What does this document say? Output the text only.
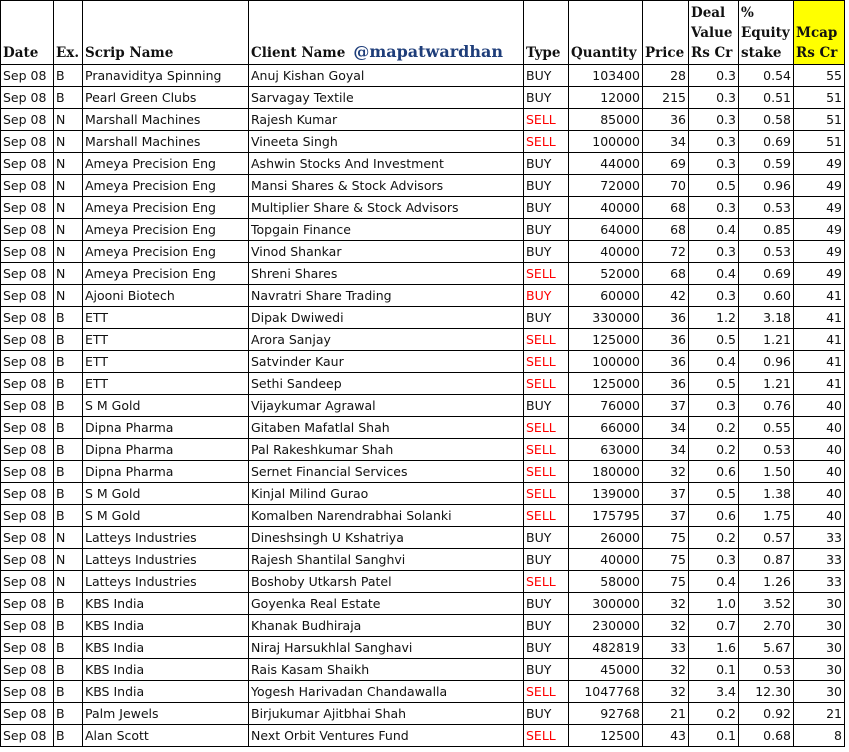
Date	Ex.	Scrip Name	Client Name @mapatwardhan	Type	Quantity	Price	Deal Value Rs Cr	% Equity stake	Mcap Rs Cr
Sep 08	B	Pranaviditya Spinning	Anuj Kishan Goyal	BUY	103400	28	0.3	0.54	55
Sep 08	B	Pearl Green Clubs	Sarvagay Textile	BUY	12000	215	0.3	0.51	51
Sep 08	N	Marshall Machines	Rajesh Kumar	SELL	85000	36	0.3	0.58	51
Sep 08	N	Marshall Machines	Vineeta Singh	SELL	100000	34	0.3	0.69	51
Sep 08	N	Ameya Precision Eng	Ashwin Stocks And Investment	BUY	44000	69	0.3	0.59	49
Sep 08	N	Ameya Precision Eng	Mansi Shares & Stock Advisors	BUY	72000	70	0.5	0.96	49
Sep 08	N	Ameya Precision Eng	Multiplier Share & Stock Advisors	BUY	40000	68	0.3	0.53	49
Sep 08	N	Ameya Precision Eng	Topgain Finance	BUY	64000	68	0.4	0.85	49
Sep 08	N	Ameya Precision Eng	Vinod Shankar	BUY	40000	72	0.3	0.53	49
Sep 08	N	Ameya Precision Eng	Shreni Shares	SELL	52000	68	0.4	0.69	49
Sep 08	N	Ajooni Biotech	Navratri Share Trading	BUY	60000	42	0.3	0.60	41
Sep 08	B	ETT	Dipak Dwiwedi	BUY	330000	36	1.2	3.18	41
Sep 08	B	ETT	Arora Sanjay	SELL	125000	36	0.5	1.21	41
Sep 08	B	ETT	Satvinder Kaur	SELL	100000	36	0.4	0.96	41
Sep 08	B	ETT	Sethi Sandeep	SELL	125000	36	0.5	1.21	41
Sep 08	B	S M Gold	Vijaykumar Agrawal	BUY	76000	37	0.3	0.76	40
Sep 08	B	Dipna Pharma	Gitaben Mafatlal Shah	SELL	66000	34	0.2	0.55	40
Sep 08	B	Dipna Pharma	Pal Rakeshkumar Shah	SELL	63000	34	0.2	0.53	40
Sep 08	B	Dipna Pharma	Sernet Financial Services	SELL	180000	32	0.6	1.50	40
Sep 08	B	S M Gold	Kinjal Milind Gurao	SELL	139000	37	0.5	1.38	40
Sep 08	B	S M Gold	Komalben Narendrabhai Solanki	SELL	175795	37	0.6	1.75	40
Sep 08	N	Latteys Industries	Dineshsingh U Kshatriya	BUY	26000	75	0.2	0.57	33
Sep 08	N	Latteys Industries	Rajesh Shantilal Sanghvi	BUY	40000	75	0.3	0.87	33
Sep 08	N	Latteys Industries	Boshoby Utkarsh Patel	SELL	58000	75	0.4	1.26	33
Sep 08	B	KBS India	Goyenka Real Estate	BUY	300000	32	1.0	3.52	30
Sep 08	B	KBS India	Khanak Budhiraja	BUY	230000	32	0.7	2.70	30
Sep 08	B	KBS India	Niraj Harsukhlal Sanghavi	BUY	482819	33	1.6	5.67	30
Sep 08	B	KBS India	Rais Kasam Shaikh	BUY	45000	32	0.1	0.53	30
Sep 08	B	KBS India	Yogesh Harivadan Chandawalla	SELL	1047768	32	3.4	12.30	30
Sep 08	B	Palm Jewels	Birjukumar Ajitbhai Shah	BUY	92768	21	0.2	0.92	21
Sep 08	B	Alan Scott	Next Orbit Ventures Fund	SELL	12500	43	0.1	0.68	8
